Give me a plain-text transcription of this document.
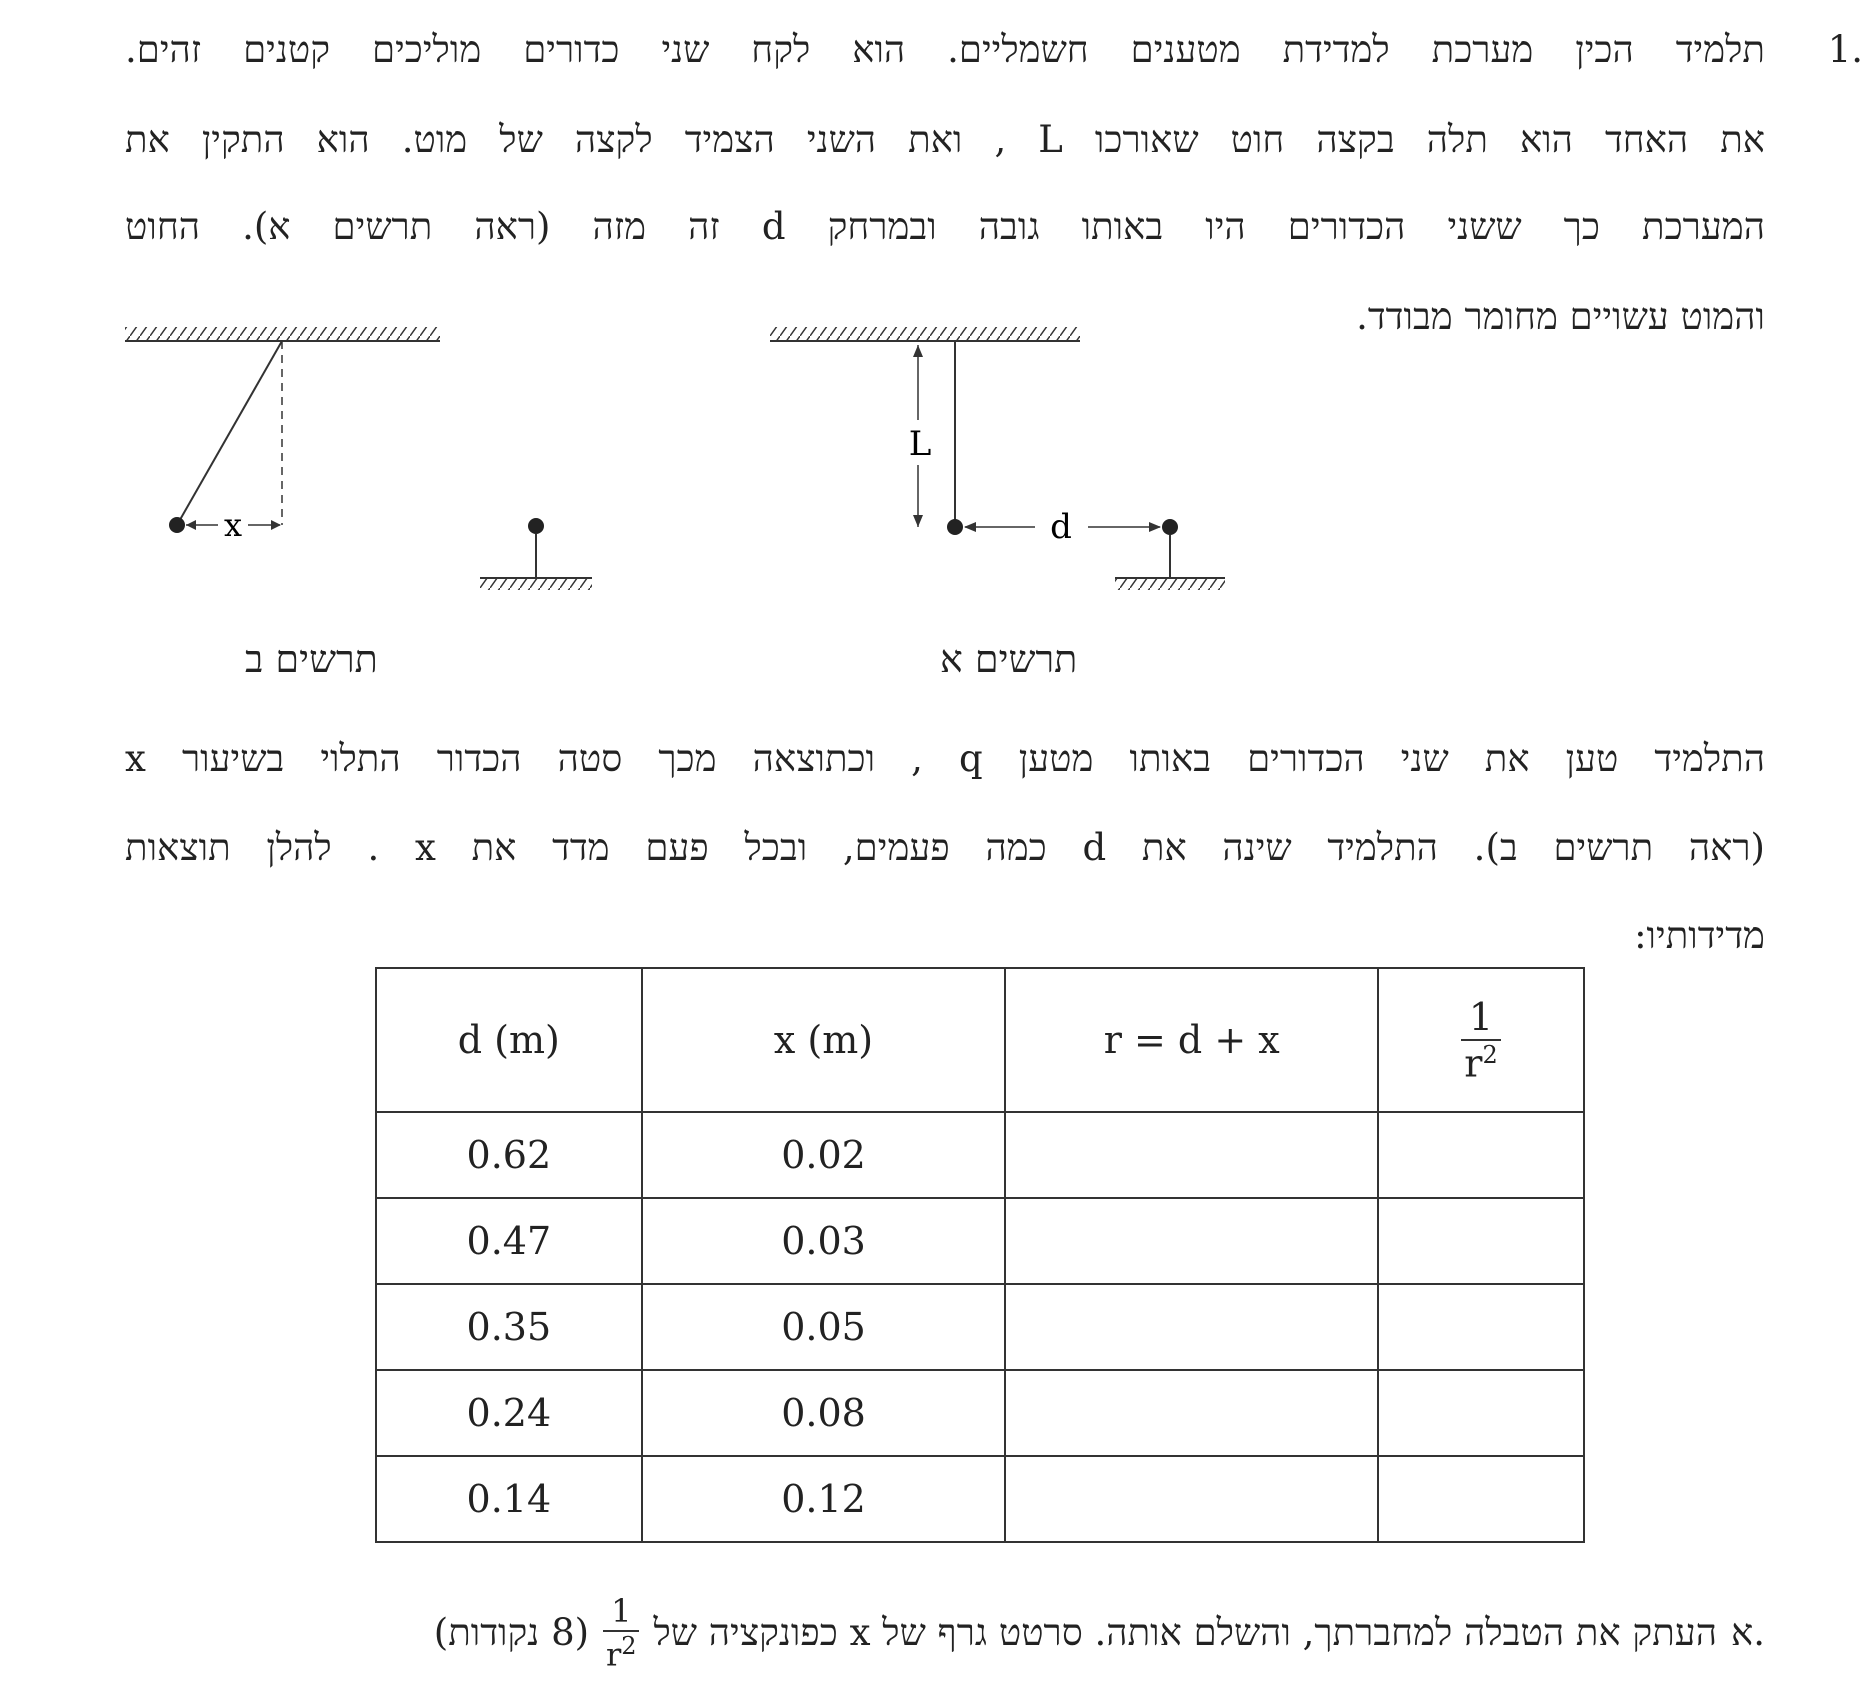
1.
תלמיד הכין מערכת למדידת מטענים חשמליים. הוא לקח שני כדורים מוליכים קטנים זהים.
את האחד הוא תלה בקצה חוט שאורכו L , ואת השני הצמיד לקצה של מוט. הוא התקין את
המערכת כך ששני הכדורים היו באותו גובה ובמרחק d זה מזה (ראה תרשים א). החוט
והמוט עשויים מחומר מבודד.
x
L
d
תרשים ב	תרשים א
התלמיד טען את שני הכדורים באותו מטען q , וכתוצאה מכך סטה הכדור התלוי בשיעור x
(ראה תרשים ב). התלמיד שינה את d כמה פעמים, ובכל פעם מדד את x . להלן תוצאות
מדידותיו:
d (m)	x (m)	r = d + x	$\frac{1}{r^2}$

0.62	0.02		
0.47	0.03		
0.35	0.05		
0.24	0.08		
0.14	0.12		
א.
העתק את הטבלה למחברתך, והשלם אותה. סרטט גרף של x כפונקציה של
$\frac{1}{r^2}$
(8 נקודות)
